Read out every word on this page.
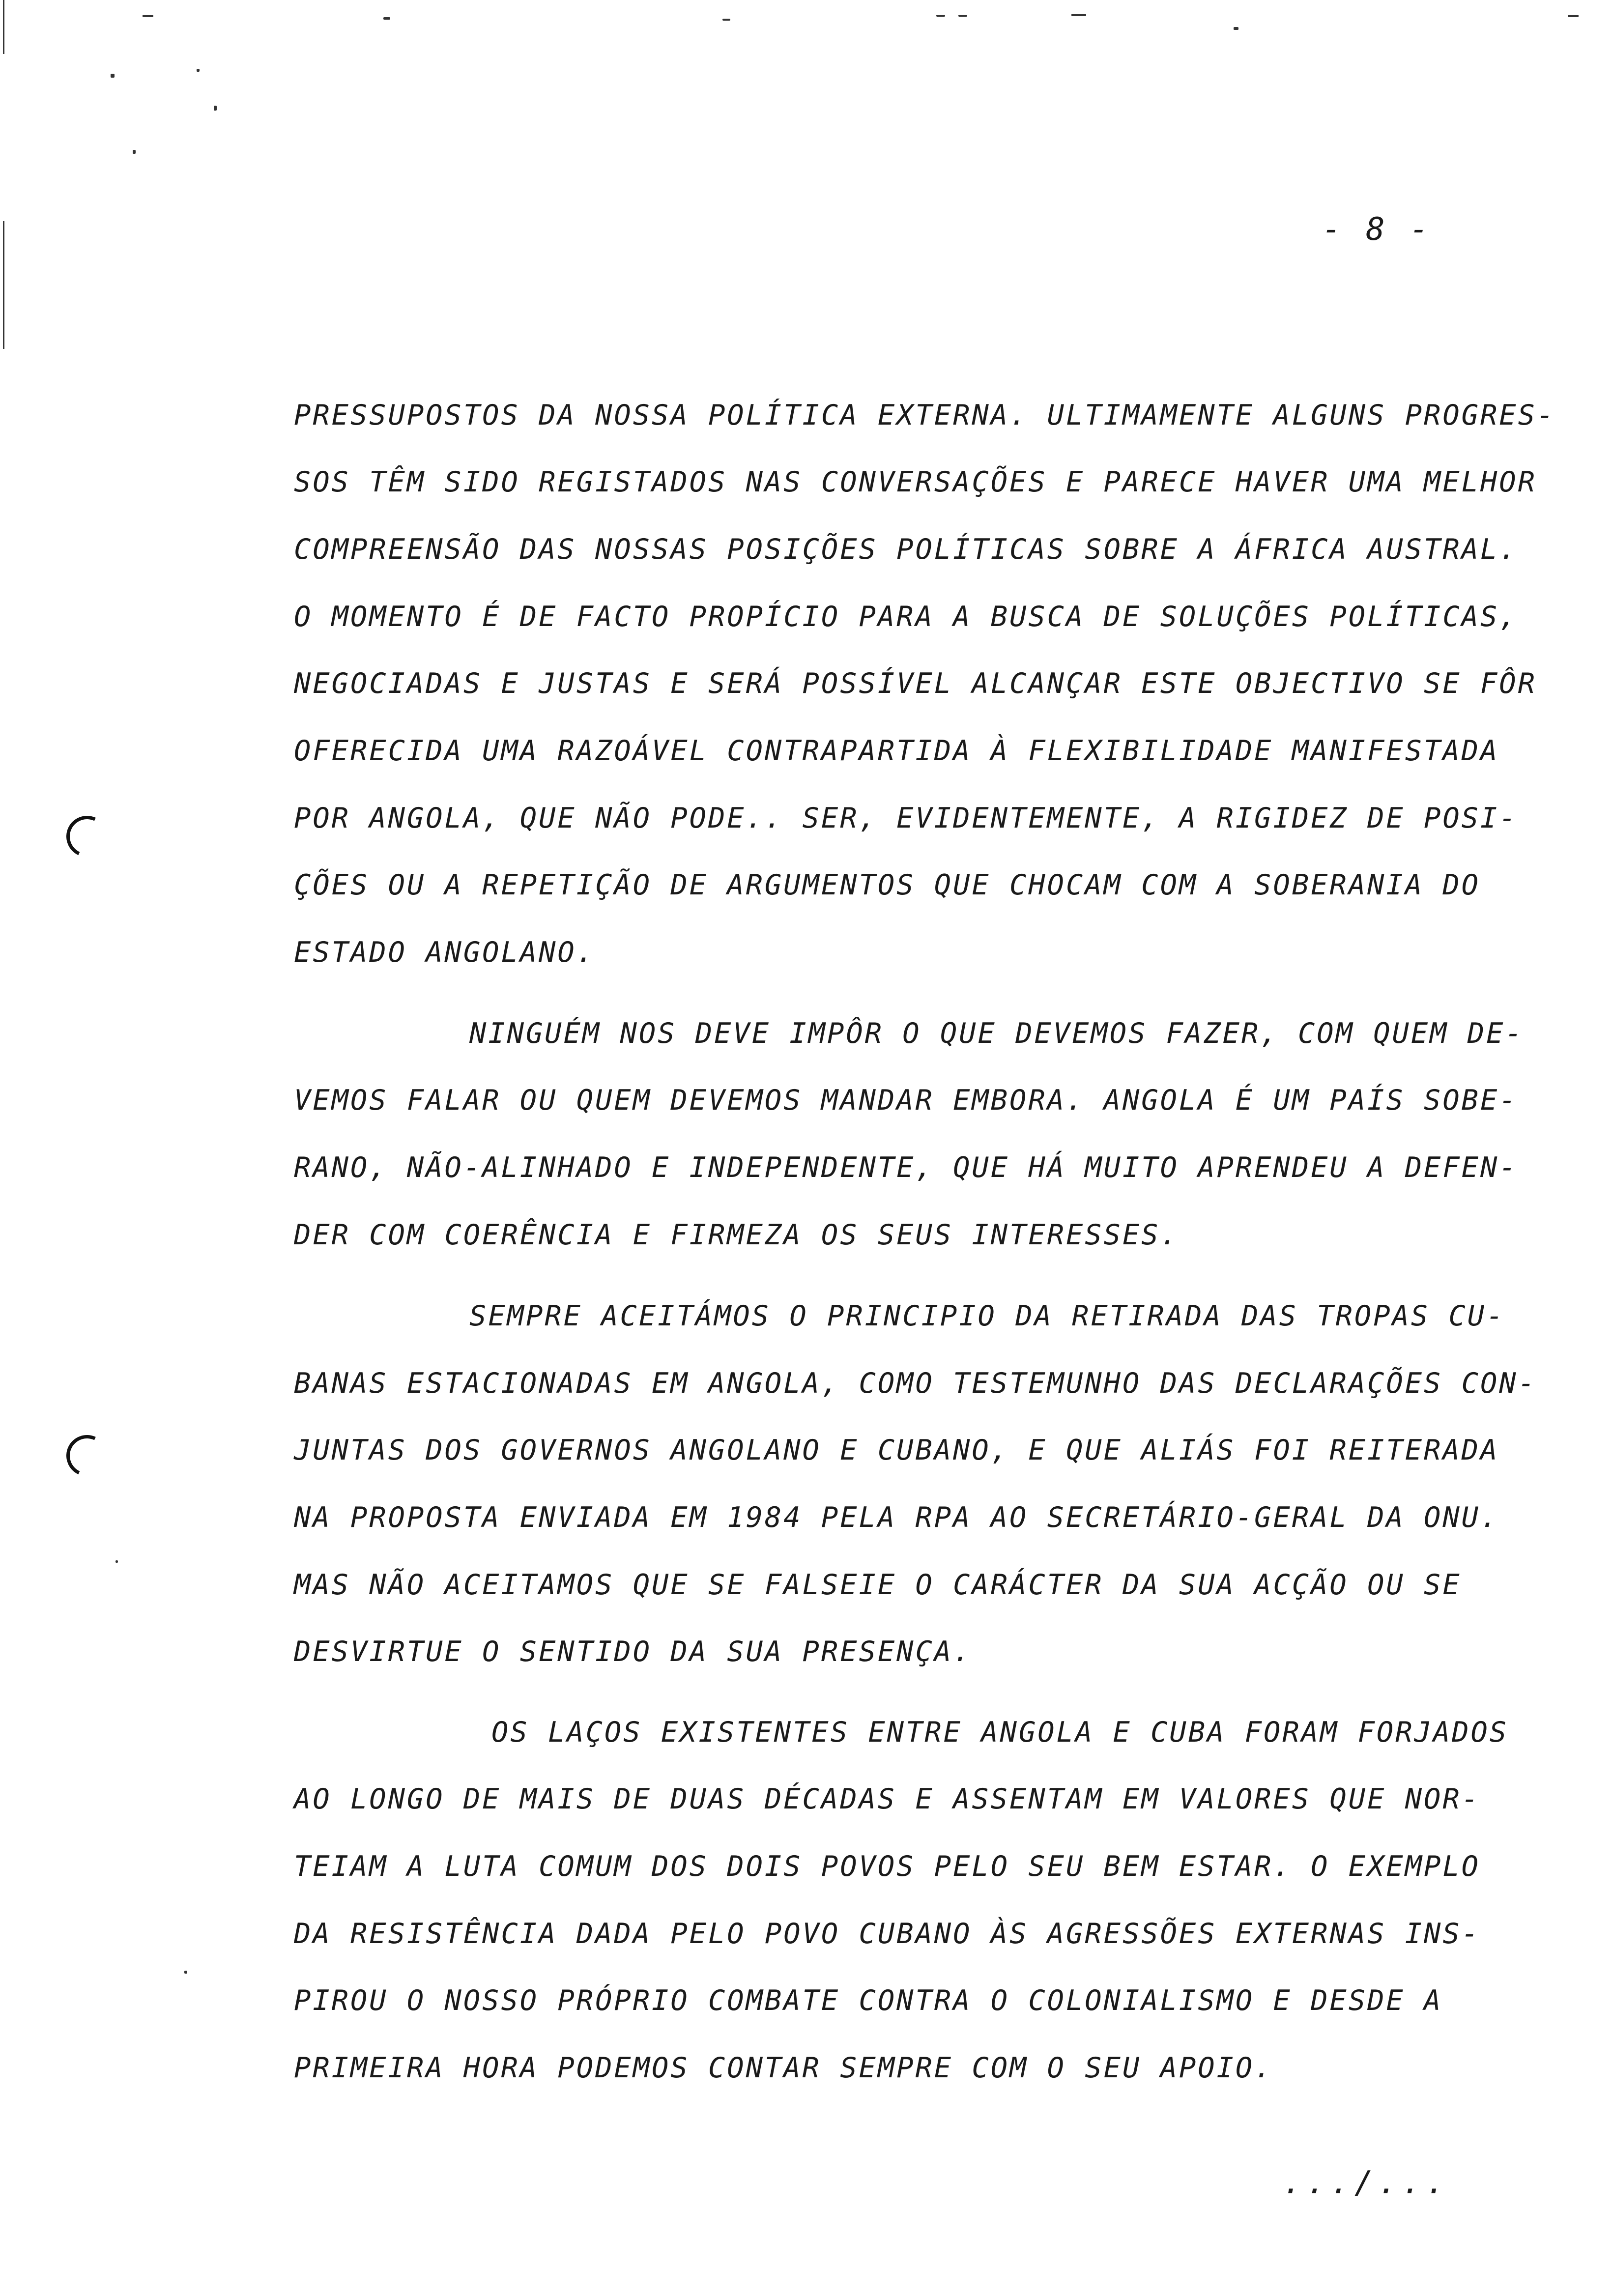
- 8 -
PRESSUPOSTOS DA NOSSA POLÍTICA EXTERNA. ULTIMAMENTE ALGUNS PROGRES-
SOS TÊM SIDO REGISTADOS NAS CONVERSAÇÕES E PARECE HAVER UMA MELHOR
COMPREENSÃO DAS NOSSAS POSIÇÕES POLÍTICAS SOBRE A ÁFRICA AUSTRAL.
O MOMENTO É DE FACTO PROPÍCIO PARA A BUSCA DE SOLUÇÕES POLÍTICAS,
NEGOCIADAS E JUSTAS E SERÁ POSSÍVEL ALCANÇAR ESTE OBJECTIVO SE FÔR
OFERECIDA UMA RAZOÁVEL CONTRAPARTIDA À FLEXIBILIDADE MANIFESTADA
POR ANGOLA, QUE NÃO PODE.. SER, EVIDENTEMENTE, A RIGIDEZ DE POSI-
ÇÕES OU A REPETIÇÃO DE ARGUMENTOS QUE CHOCAM COM A SOBERANIA DO
ESTADO ANGOLANO.
NINGUÉM NOS DEVE IMPÔR O QUE DEVEMOS FAZER, COM QUEM DE-
VEMOS FALAR OU QUEM DEVEMOS MANDAR EMBORA. ANGOLA É UM PAÍS SOBE-
RANO, NÃO-ALINHADO E INDEPENDENTE, QUE HÁ MUITO APRENDEU A DEFEN-
DER COM COERÊNCIA E FIRMEZA OS SEUS INTERESSES.
SEMPRE ACEITÁMOS O PRINCIPIO DA RETIRADA DAS TROPAS CU-
BANAS ESTACIONADAS EM ANGOLA, COMO TESTEMUNHO DAS DECLARAÇÕES CON-
JUNTAS DOS GOVERNOS ANGOLANO E CUBANO, E QUE ALIÁS FOI REITERADA
NA PROPOSTA ENVIADA EM 1984 PELA RPA AO SECRETÁRIO-GERAL DA ONU.
MAS NÃO ACEITAMOS QUE SE FALSEIE O CARÁCTER DA SUA ACÇÃO OU SE
DESVIRTUE O SENTIDO DA SUA PRESENÇA.
OS LAÇOS EXISTENTES ENTRE ANGOLA E CUBA FORAM FORJADOS
AO LONGO DE MAIS DE DUAS DÉCADAS E ASSENTAM EM VALORES QUE NOR-
TEIAM A LUTA COMUM DOS DOIS POVOS PELO SEU BEM ESTAR. O EXEMPLO
DA RESISTÊNCIA DADA PELO POVO CUBANO ÀS AGRESSÕES EXTERNAS INS-
PIROU O NOSSO PRÓPRIO COMBATE CONTRA O COLONIALISMO E DESDE A
PRIMEIRA HORA PODEMOS CONTAR SEMPRE COM O SEU APOIO.
.../...
